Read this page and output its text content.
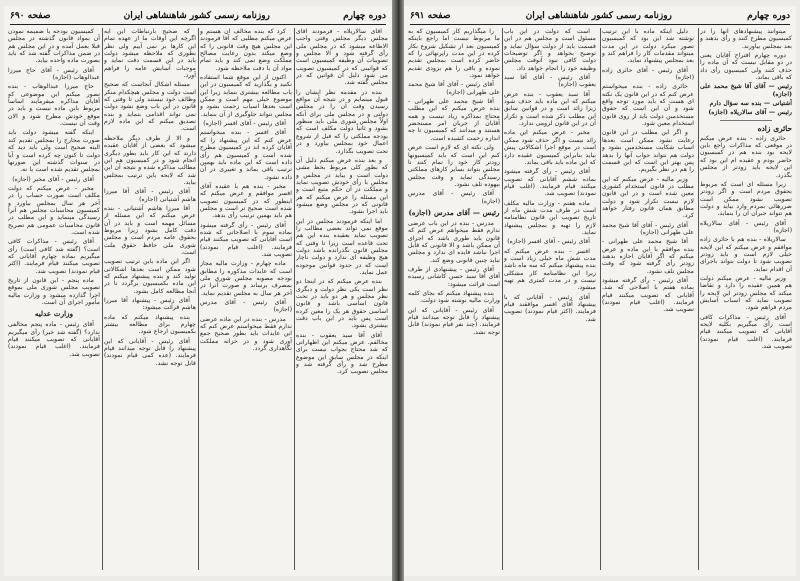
دوره چهارم
روزنامه رسمی کشور شاهنشاهی ایران
صفحه ۶۹۰

آقای سالاریلاه - فرمودند آقای مجلس دیگر مجلس وقتی واجب الاطاعه میشود که در مجلس ملی رأی گرفته شود و الا مجلس و تصویبات آن وظیفه کمیسیون است که قوانینی که در کمیسیون تصویب می شود دلیل آن قوانین که در مجلس گفته شد.

بنده در مقدمه نظر ایشان را قبول مینمایم و در نتیجه آن مواقع رسیدن وقت آن را در مجلس دولتی و در مجلس ملی برای آنکه اولاً مجلس شوری ملی باید منظور بشود و ثانیاً دولت مکلف است که بودجه مملکتی را که قبل از شروع اعمال خود بمجلس بیاورد و در تحت تصویب بگذارد.

و بعد بنده عرض میکنم دلیل آن که بطور کلی مربوط بخط مشی دولت است و بیاید در مجلس و مجلس با رأی خودش تصویب نماید و مملکت در آن حکم متبع است و این مسئله را عرض میکنم که هر قانونی که در مجلس وضع میشود باید اجرا بشود.

اما اینکه فرمودند مجلس در این موقع نمی تواند بعضی مطالب را تصویب نماید بعقیده بنده این هم تحت قاعده است زیرا تا وقتی که مجلس قانون نگذرانده باشد دولت هیچ وظیفه ای ندارد و دولت ناچار است که در حدود قوانین موجوده عمل نماید.

بنده عرض میکنم که در اینجا دو نظر است یکی نظر دولت و دیگری نظر مجلس و هر دو باید در تحت قانون اساسی باشد و قانون اساسی حقوق هر یک را معین کرده است پس باید در این باب دقت بیشتری بشود.

آقای آقا سید یعقوب - بنده مخالفم. عرض میکنم این اظهاراتی که شد محتاج بجواب نیست برای اینکه در مجلس سابق این موضوع مطرح شد و رأی گرفته شد و مجلس تصویب کرد.

کرد که بنده مخالف آن هستم و عرض میکنم مطلبی که آقا فرمودند این مجلس هیچ وقت قانونی را که وضع میکند بدون رعایت مصالح مملکت وضع نمی کند و باید تمام مواد آن با دقت ملاحظه شود.

اکنون از این موقع شما استفاده نکنید و بگذارید که کمیسیون در این باب مطالعه بیشتری بنماید زیرا این موضوع خیلی مهم است و ممکن است بعدها اسباب زحمت بشود و مجلس نتواند جلوگیری از آن بنماید.

آقای رئیس - آقای افسر (اجازه)

آقای افسر - بنده میخواستم عرض کنم که این پیشنهاد را که آقایان کرده اند در کمیسیون مطرح شده است و کمیسیون هم رأی داده است که این ماده باید بهمین ترتیب باقی بماند و تغییری در آن داده نشود.

مخبر - بنده هم با عقیده آقای افسر موافقم و عرض میکنم که اینطور که در کمیسیون تصویب شده است صحیح تر است و مجلس هم باید بهمین ترتیب رأی بدهد.

آقای رئیس - رأی گرفته میشود بماده سوم با اصلاحاتی که شده است آقایانی که تصویب میکنند قیام فرمایند. (اغلب قیام نمودند) تصویب شد.

ماده چهارم - وزارت مالیه مجاز است که عایدات مذکوره را مطابق بودجه مصوبه مجلس شوری ملی بمصرف برساند و صورت آنرا در آخر هر سال به مجلس تقدیم نماید.

آقای رئیس - آقای مدرس (اجازه)

مدرس - بنده در این ماده عرضی ندارم فقط میخواستم عرض کنم که این عایدات باید بطور صحیح جمع آوری شود و در خزانه مملکت نگاهداری گردد.

که صحیح بارتباطات این آیه اگرچه این اوقات ما از عهده تمام این کارها بر نمی آییم ولی نظر بطوری که ملاحظه میشود دولت باید در این قسمت دقت نماید و موجبات آسایش عامه را فراهم آورد.

مسئله اشکال آنجاست که صحیح است دولت و مجلس هیچکدام منکر وظائف خود نیستند ولی تا وقتی که قانون در این باب وضع نشود دولت نمی تواند اقدامی بنماید و بنده تصدیق میکنم که این ماده لازم است.

و الا از طرف دیگر ملاحظه میشود که بعضی از آقایان عقیده دارند که این کار باید بطور دیگری انجام شود و در کمیسیون هم این مطالب مذاکره شده و نتیجه آن این شد که لایحه باین ترتیب بمجلس بیاید.

آقای رئیس - آقای آقا میرزا هاشم آشتیانی (اجازه)

آقا میرزا هاشم آشتیانی - بنده عرض میکنم که این مسئله از مسائل مهمه است و باید در آن دقت کامل بشود زیرا مربوط بحقوق عامه مردم است و مجلس شوری ملی حافظ حقوق ملت است.

اگر این ماده باین ترتیب تصویب شود ممکن است بعدها اشکالاتی تولید کند و بنده پیشنهاد میکنم که این ماده بکمیسیون برگردد تا در آنجا مطالعه کامل بشود.

آقای رئیس - پیشنهاد آقا میرزا هاشم قرائت میشود:

بنده پیشنهاد میکنم که ماده چهارم برای مطالعه بیشتر بکمیسیون ارجاع شود.

آقای رئیس - آقایانی که این پیشنهاد را قابل توجه میدانند قیام فرمایند. (عده کمی قیام نمودند) قابل توجه نشد.

کمیسیون بودجه یا ضمیمه نمودن آن بمواد قانون گذشته در مجلس قبلا بعمل آمده و در این مجلس هم در ضمن مذاکرات گفته شد که باید بصورت ماده واحده بیاید.

آقای رئیس - آقای حاج میرزا عبدالوهاب (اجازه)

حاج میرزا عبدالوهاب - بنده تصور میکنم این موضوعی که آقایان مذاکره میفرمایند اساساً مربوط باین ماده نیست و باید در موقع خودش مطرح شود و الان وقت آن نیست.

اینکه گفته میشود دولت باید صورت مخارج را بمجلس تقدیم کند البته صحیح است ولی باید دید که دولت تا کنون چه کرده است و آیا در سنوات گذشته این صورتها بمجلس تقدیم شده است یا نه.

آقای رئیس - آقای مخبر (اجازه)

مخبر - عرض میکنم که دولت مکلف است صورت حساب را در آخر هر سال بمجلس بیاورد و کمیسیون محاسبات مجلس هم آنرا رسیدگی مینماید و این مطلب در قانون محاسبات عمومی هم تصریح شده است.

آقای رئیس - مذاکرات کافی است؟ (گفته شد کافی است) رأی میگیریم بماده چهارم آقایانی که تصویب میکنند قیام فرمایند. (اکثر قیام نمودند) تصویب شد.

ماده پنجم - این قانون از تاریخ تصویب مجلس شوری ملی بموقع اجرا گذارده میشود و وزارت مالیه مأمور اجرای آن است.

وزارت عدلیه

آقای رئیس - ماده پنجم مخالفی ندارد؟ (گفته شد خیر) رأی میگیریم آقایانی که تصویب میکنند قیام فرمایند. (اغلب قیام نمودند) تصویب شد.

دوره چهارم
روزنامه رسمی کشور شاهنشاهی ایران
صفحه ۶۹۱

میتوانند پیشنهادهای آنها را در کمیسیون مطرح کنند و رأی بدهند و بعد بمجلس بیاورند.

دوره چهارم اقتراح آقایان یعنی در دو مقابل نیست که آن ماده را حذف کنند ولی کمیسیون رأی داد که باقی بماند.

رئیس — آقای آقا شیخ محمد علی (اجازه)

آشتیانی — بنده سه سؤال دارم

رئیس — آقای سالاریلاه (اجازه)

حائری زاده

حائری زاده - بنده عرض میکنم در موقعی که مذاکرات راجع باین لایحه بود بنده هم در کمیسیون حاضر بودم و عقیده ام این بود که این لایحه باید زودتر از مجلس بگذرد.

زیرا مسئله ای است که مربوط بحقوق مردم است و اگر زودتر تصویب نشود ممکن است ضررهائی بمردم وارد بیاید و دولت هم نتواند جبران آن را بنماید.

آقای رئیس - آقای سالاریلاه (اجازه)

سالاریلاه - بنده هم با حائری زاده موافقم و عرض میکنم که این لایحه خیلی لازم است و باید زودتر تصویب شود تا دولت بتواند باجرای آن اقدام نماید.

وزیر مالیه - عرض میکنم دولت هم همین عقیده را دارد و تقاضا میکند که مجلس زودتر این لایحه را تصویب نماید که اسباب آسایش مردم فراهم شود.

آقای رئیس - مذاکرات کافی است رأی میگیریم بکلیه لایحه آقایانی که تصویب میکنند قیام فرمایند. (اغلب قیام نمودند) تصویب شد.

دلیل اینکه ماده با این ترتیب نوشته شد این بود که کمیسیون تصور میکرد دولت در این مدت میتواند مقدمات کار را فراهم کند و بعد بمجلس پیشنهاد نماید.

آقای رئیس - آقای حائری زاده (اجازه)

حائری زاده - بنده میخواستم عرض کنم که در این قانون یک نکته ای هست که باید مورد توجه واقع شود و آن این است که حقوق مستخدمین دولت باید از روی قانون استخدام معین شود.

و اگر این مطلب در این قانون رعایت نشود ممکن است بعدها اسباب شکایت مستخدمین بشود و دولت هم نتواند جواب آنها را بدهد پس بهتر این است که این قسمت را هم در نظر بگیریم.

وزیر مالیه - عرض میکنم که این مطلب در قانون استخدام کشوری معین شده است و در این قانون لازم نیست تکرار شود و دولت مطابق همان قانون رفتار خواهد کرد.

آقای رئیس - آقای آقا شیخ محمد علی طهرانی (اجازه)

آقا شیخ محمد علی طهرانی - بنده موافقم با این ماده و عرض میکنم که اگر آقایان اجازه بدهند زودتر رأی گرفته شود که وقت مجلس تلف نشود.

آقای رئیس - رأی گرفته میشود بماده هفتم با اصلاحی که شد. آقایانی که تصویب میکنند قیام فرمایند. (اغلب قیام نمودند) تصویب شد.

است که دولت در این باب مسئول است و مجلس هم در این قسمت باید از دولت سؤال نماید و توضیح بخواهد و اگر توضیحات دولت کافی نبود آنوقت مجلس وظیفه خود را انجام خواهد داد.

آقای رئیس - آقای آقا سید یعقوب (اجازه)

آقا سید یعقوب - بنده عرض میکنم که این ماده باید حذف شود زیرا زائد است و در قوانین سابق این مطلب ذکر شده است و تکرار آن در این قانون لزومی ندارد.

مخبر - عرض میکنم این ماده زائد نیست و اگر حذف شود ممکن است در موقع اجرا اشکالاتی پیش بیاید بنابراین کمیسیون عقیده دارد که این ماده باید باقی بماند.

آقای رئیس - رأی گرفته میشود بماده ششم آقایانی که تصویب میکنند قیام فرمایند. (اغلب قیام نمودند) تصویب شد.

ماده هفتم - وزارت مالیه مکلف است در ظرف مدت شش ماه از تاریخ تصویب این قانون نظامنامه لازم را تهیه و بمجلس پیشنهاد نماید.

آقای رئیس - آقای افسر (اجازه)

افسر - بنده عرض میکنم که مدت شش ماه خیلی زیاد است و بنده پیشنهاد میکنم که سه ماه باشد زیرا این نظامنامه کار مشکلی نیست و در مدت کمتری هم تهیه میشود.

آقای رئیس - آقایانی که با پیشنهاد آقای افسر موافقند قیام فرمایند. (اکثر قیام نمودند) تصویب شد.

را میگذاریم کار کمیسیون که به ما مربوط نیست اما راجع باینکه کمیسیون بعد از تشکیل شروع بکار کرده در این مدت راپرتهائی را که حاضر کرده است بمجلس تقدیم نموده و باقی را هم بزودی تقدیم خواهد نمود.

آقای رئیس - آقای آقا شیخ محمد علی طهرانی (اجازه)

آقا شیخ محمد علی طهرانی - بنده عرض میکنم که این مطلب محتاج بمذاکره زیاد نیست و همه آقایان از جریان امر مستحضر هستند و میدانند که کمیسیون تا چه اندازه زحمت کشیده است.

ولی نکته ای که لازم است عرض کنم این است که باید کمیسیونها زودتر کار خود را تمام کنند تا مجلس بتواند بسایر کارهای مملکتی رسیدگی نماید و وقت مجلس بیهوده تلف نشود.

آقای رئیس - آقای مدرس (اجازه)

رئیس — آقای مدرس (اجازه)

مدرس - بنده در این باب عرضی ندارم فقط میخواهم عرض کنم که قانون باید طوری باشد که اجرای آن ممکن باشد و الا قانونی که قابل اجرا نباشد فایده ای ندارد و مجلس نباید چنین قانونی وضع کند.

آقای رئیس - پیشنهادی از طرف آقای آقا سید حسن کاشانی رسیده است قرائت میشود:

بنده پیشنهاد میکنم که بجای کلمه وزارت مالیه نوشته شود دولت.

آقای رئیس - آقایانی که این پیشنهاد را قابل توجه میدانند قیام فرمایند. (چند نفر قیام نمودند) قابل توجه نشد.
